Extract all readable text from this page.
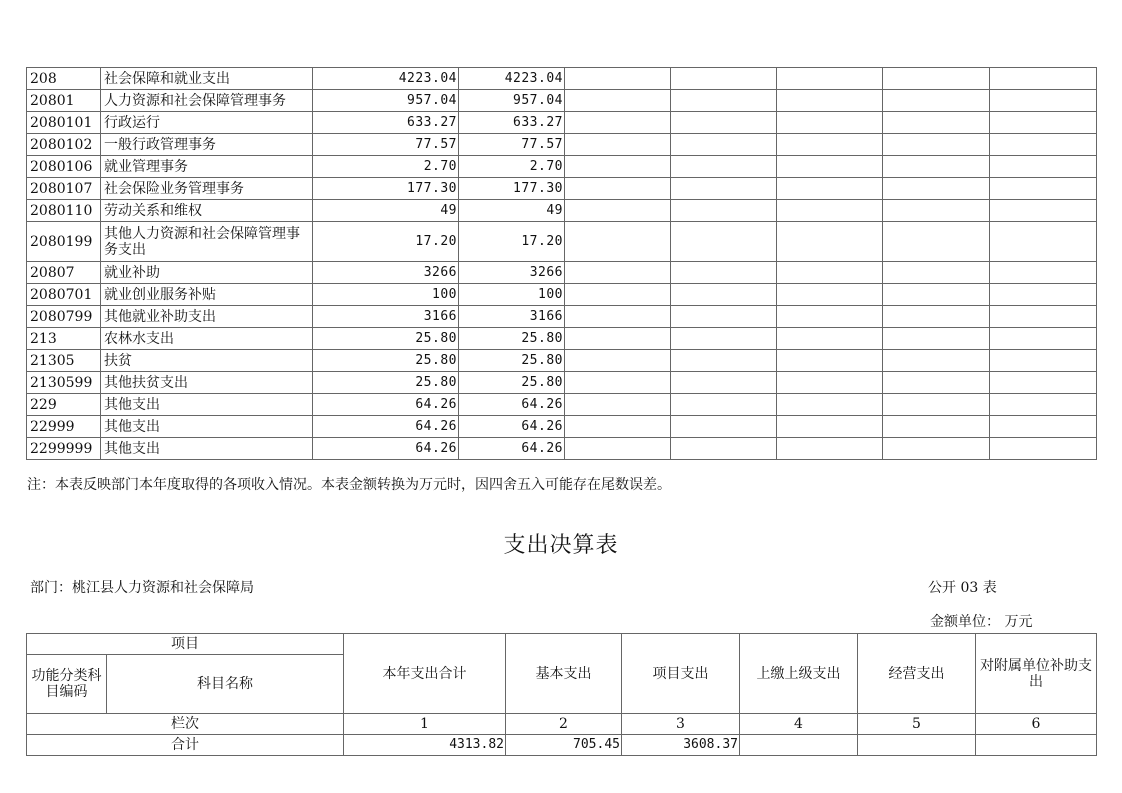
208	社会保障和就业支出	4223.04	4223.04					
20801	人力资源和社会保障管理事务	957.04	957.04					
2080101	行政运行	633.27	633.27					
2080102	一般行政管理事务	77.57	77.57					
2080106	就业管理事务	2.70	2.70					
2080107	社会保险业务管理事务	177.30	177.30					
2080110	劳动关系和维权	49	49					
2080199	其他人力资源和社会保障管理事务支出	17.20	17.20					
20807	就业补助	3266	3266					
2080701	就业创业服务补贴	100	100					
2080799	其他就业补助支出	3166	3166					
213	农林水支出	25.80	25.80					
21305	扶贫	25.80	25.80					
2130599	其他扶贫支出	25.80	25.80					
229	其他支出	64.26	64.26					
22999	其他支出	64.26	64.26					
2299999	其他支出	64.26	64.26					
注：本表反映部门本年度取得的各项收入情况。本表金额转换为万元时，因四舍五入可能存在尾数误差。
支出决算表
部门：桃江县人力资源和社会保障局	公开 03 表
金额单位： 万元
项目		本年支出合计	基本支出	项目支出	上缴上级支出	经营支出	对附属单位补助支出
功能分类科目编码	科目名称						
栏次		1	2	3	4	5	6
合计		4313.82	705.45	3608.37			
